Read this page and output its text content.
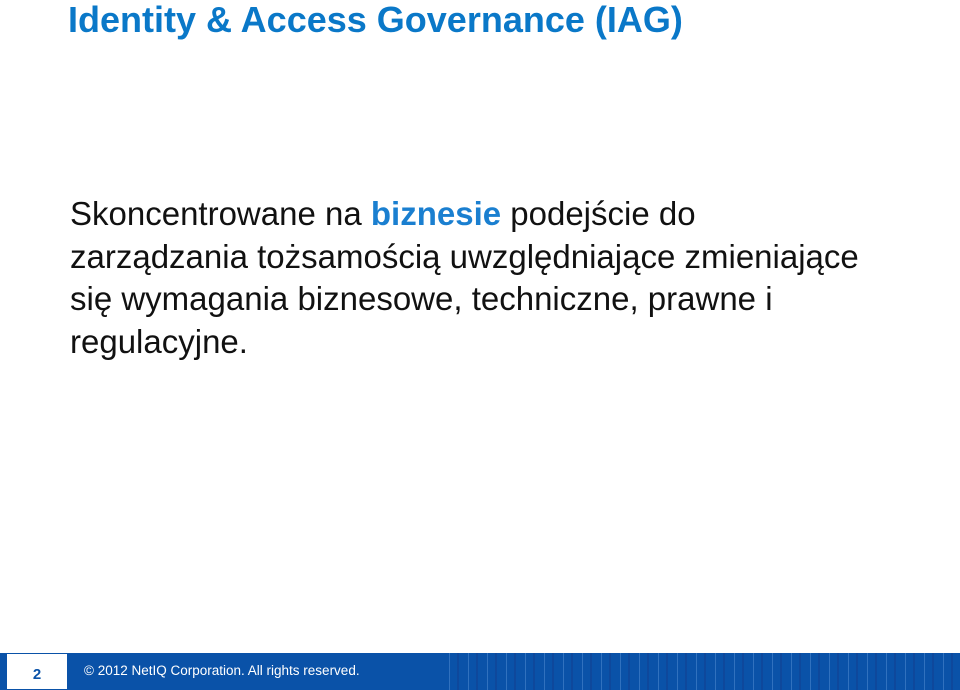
Identity & Access Governance (IAG)

Skoncentrowane na biznesie podejście do zarządzania tożsamością uwzględniające zmieniające się wymagania biznesowe, techniczne, prawne i regulacyjne.

2	© 2012 NetIQ Corporation. All rights reserved.
